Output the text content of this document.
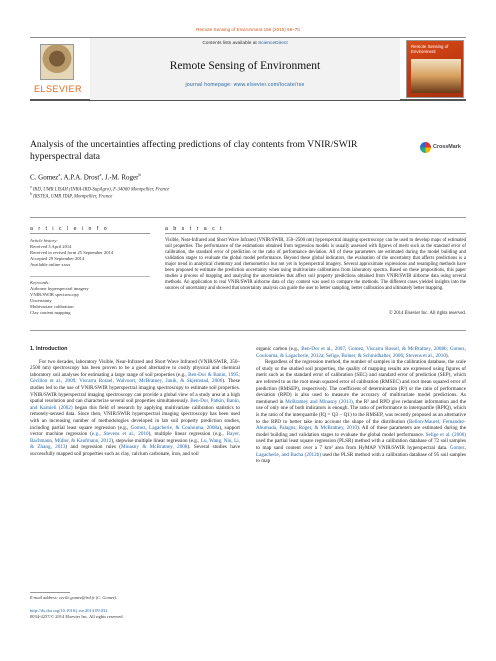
Remote Sensing of Environment 156 (2015) 58–70
ELSEVIER
Contents lists available at ScienceDirect
Remote Sensing of Environment
journal homepage: www.elsevier.com/locate/rse
Remote Sensing of Environment
Analysis of the uncertainties affecting predictions of clay contents from VNIR/SWIR hyperspectral data
CrossMark
C. Gomez$^a$, A.P.A. Drost$^a$, J.-M. Roger$^b$
$^a$ IRD, UMR LISAH (INRA-IRD-SupAgro), F-34060 Montpellier, France
$^b$ IRSTEA, UMR ITAP, Montpellier, France
a r t i c l e i n f o	a b s t r a c t
Article history:
Received 3 April 2014
Received in revised form 25 September 2014
Accepted 29 September 2014
Available online xxxx
Keywords:
Airborne hyperspectral imagery
VNIR/SWIR spectroscopy
Uncertainty
Multivariate calibration
Clay content mapping
Visible, Near-Infrared and Short Wave Infrared (VNIR/SWIR, 350–2500 nm) hyperspectral imaging spectroscopy can be used to develop maps of estimated soil properties. The performance of the estimations obtained from regression models is usually assessed with figures of merit such as the standard error of calibration, the standard error of prediction or the ratio of performance deviation. All of these parameters are estimated during the model building and validation stages to evaluate the global model performance. Beyond these global indicators, the evaluation of the uncertainty that affects predictions is a major trend in analytical chemistry and chemometrics but not yet in hyperspectral imagery. Several approximate expressions and resampling methods have been proposed to estimate the prediction uncertainty when using multivariate calibrations from laboratory spectra. Based on these propositions, this paper studies a process of mapping and analyzing the uncertainties that affect soil property predictions obtained from VNIR/SWIR airborne data using several methods. An application to real VNIR/SWIR airborne data of clay content was used to compare the methods. The different cases yielded insights into the sources of uncertainty and showed that uncertainty analysis can guide the user to better sampling, better calibration and ultimately better mapping.
© 2014 Elsevier Inc. All rights reserved.
1. Introduction

For two decades, laboratory Visible, Near-Infrared and Short Wave Infrared (VNIR/SWIR, 350–2500 nm) spectroscopy has been proven to be a good alternative to costly physical and chemical laboratory soil analyses for estimating a large range of soil properties (e.g., Ben-Dor & Banin, 1995; Cécillon et al., 2009; Viscarra Rossel, Walvoort, McBratney, Janik, & Skjemstad, 2006). These studies led to the use of VNIR/SWIR hyperspectral imaging spectroscopy to estimate soil properties. VNIR/SWIR hyperspectral imaging spectroscopy can provide a global view of a study area at a high spatial resolution and can characterize several soil properties simultaneously. Ben-Dor, Patkin, Banin, and Karnieli (2002) began this field of research by applying multivariate calibration statistics to remotely-sensed data. Since then, VNIR/SWIR hyperspectral imaging spectroscopy has been used with an increasing number of methodologies developed in lab soil property prediction studies, including partial least square regression (e.g., Gomez, Lagacherie, & Coulouma, 2008a), support vector machine regression (e.g., Stevens et al., 2010), multiple linear regression (e.g., Bayer, Bachmann, Müller, & Kaufmann, 2012), stepwise multiple linear regression (e.g., Lu, Wang, Niu, Li, & Zhang, 2013) and regression rules (Minasny & McBratney, 2008). Several studies have successfully mapped soil properties such as clay, calcium carbonate, iron, and soil

organic carbon (e.g., Ben-Dor et al., 2007; Gomez, Viscarra Rossel, & McBratney, 2008b; Gomez, Coulouma, & Lagacherie, 2012a; Selige, Bolner, & Schmidhalter, 2006; Stevens et al., 2010).

Regardless of the regression method, the number of samples in the calibration database, the scale of study or the studied soil properties, the quality of mapping results are expressed using figures of merit such as the standard error of calibration (SEC) and standard error of prediction (SEP), which are referred to as the root mean squared error of calibration (RMSEC) and root mean squared error of prediction (RMSEP), respectively. The coefficient of determination (R²) or the ratio of performance deviation (RPD) is also used to measure the accuracy of multivariate model predictions. As mentioned in McBratney and Minasny (2013), the R² and RPD give redundant information and the use of only one of both indicators is enough. The ratio of performance to interquartile (RPIQ), which is the ratio of the interquartile (IQ = Q3 − Q1) to the RMSEP, was recently proposed as an alternative to the RPD to better take into account the shape of the distribution (Bellon-Maurel, Fernandez-Ahumada, Palagos, Roger, & McBratney, 2010). All of these parameters are estimated during the model building and validation stages to evaluate the global model performance. Selige et al. (2006) used the partial least square regression (PLSR) method with a calibration database of 72 soil samples to map sand content over a 7 km² area from HyMAP VNIR/SWIR hyperspectral data. Gomez, Lagacherie, and Bacha (2012b) used the PLSR method with a calibration database of 95 soil samples to map

E-mail address: cecile.gomez@ird.fr (C. Gomez).
http://dx.doi.org/10.1016/j.rse.2014.09.032
0034-4257/© 2014 Elsevier Inc. All rights reserved.
